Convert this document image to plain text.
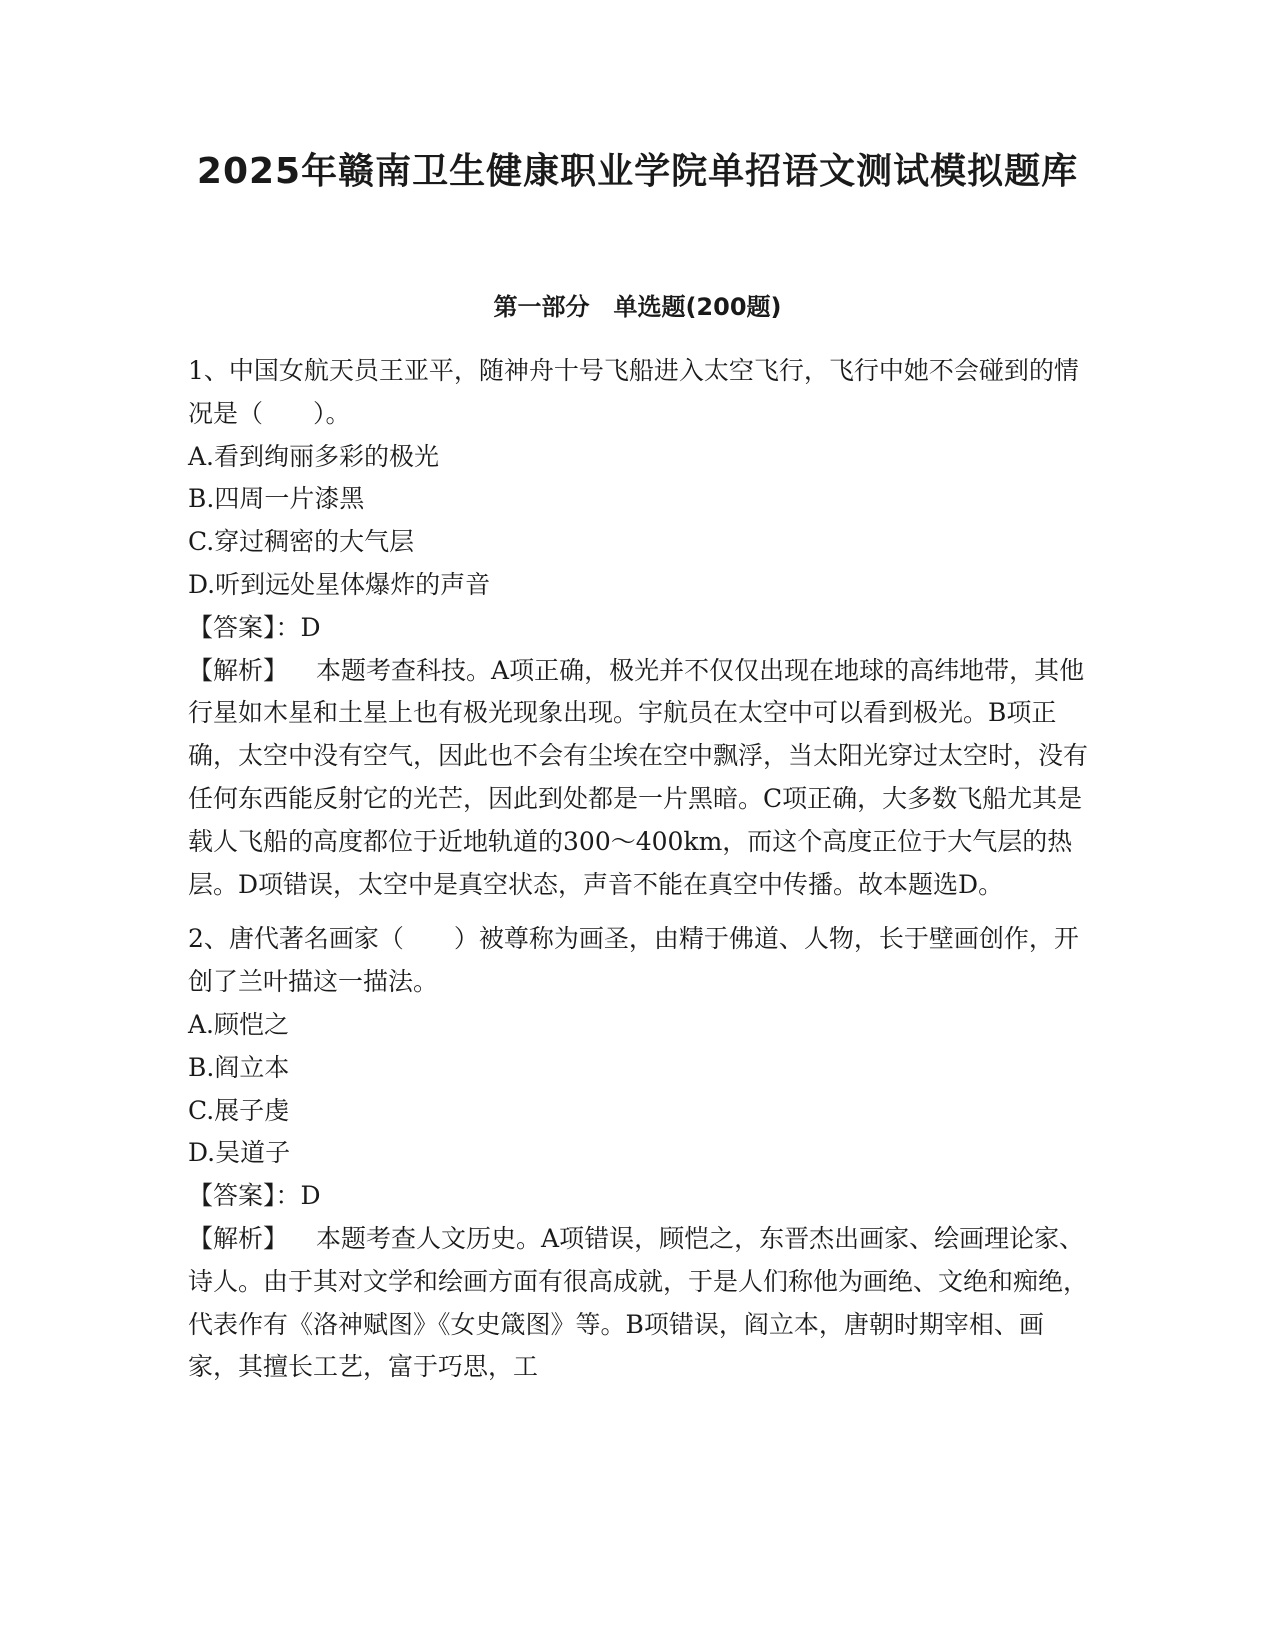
2025年赣南卫生健康职业学院单招语文测试模拟题库
第一部分　单选题(200题)

1、中国女航天员王亚平，随神舟十号飞船进入太空飞行，飞行中她不会碰到的情况是（　　）。

A.看到绚丽多彩的极光

B.四周一片漆黑

C.穿过稠密的大气层

D.听到远处星体爆炸的声音

【答案】：D

【解析】 本题考查科技。A项正确，极光并不仅仅出现在地球的高纬地带，其他行星如木星和土星上也有极光现象出现。宇航员在太空中可以看到极光。B项正确，太空中没有空气，因此也不会有尘埃在空中飘浮，当太阳光穿过太空时，没有任何东西能反射它的光芒，因此到处都是一片黑暗。C项正确，大多数飞船尤其是载人飞船的高度都位于近地轨道的300～400km，而这个高度正位于大气层的热层。D项错误，太空中是真空状态，声音不能在真空中传播。故本题选D。

2、唐代著名画家（　　）被尊称为画圣，由精于佛道、人物，长于壁画创作，开创了兰叶描这一描法。

A.顾恺之

B.阎立本

C.展子虔

D.吴道子

【答案】：D

【解析】 本题考查人文历史。A项错误，顾恺之，东晋杰出画家、绘画理论家、诗人。由于其对文学和绘画方面有很高成就，于是人们称他为画绝、文绝和痴绝，代表作有《洛神赋图》《女史箴图》等。B项错误，阎立本，唐朝时期宰相、画家，其擅长工艺，富于巧思，工
